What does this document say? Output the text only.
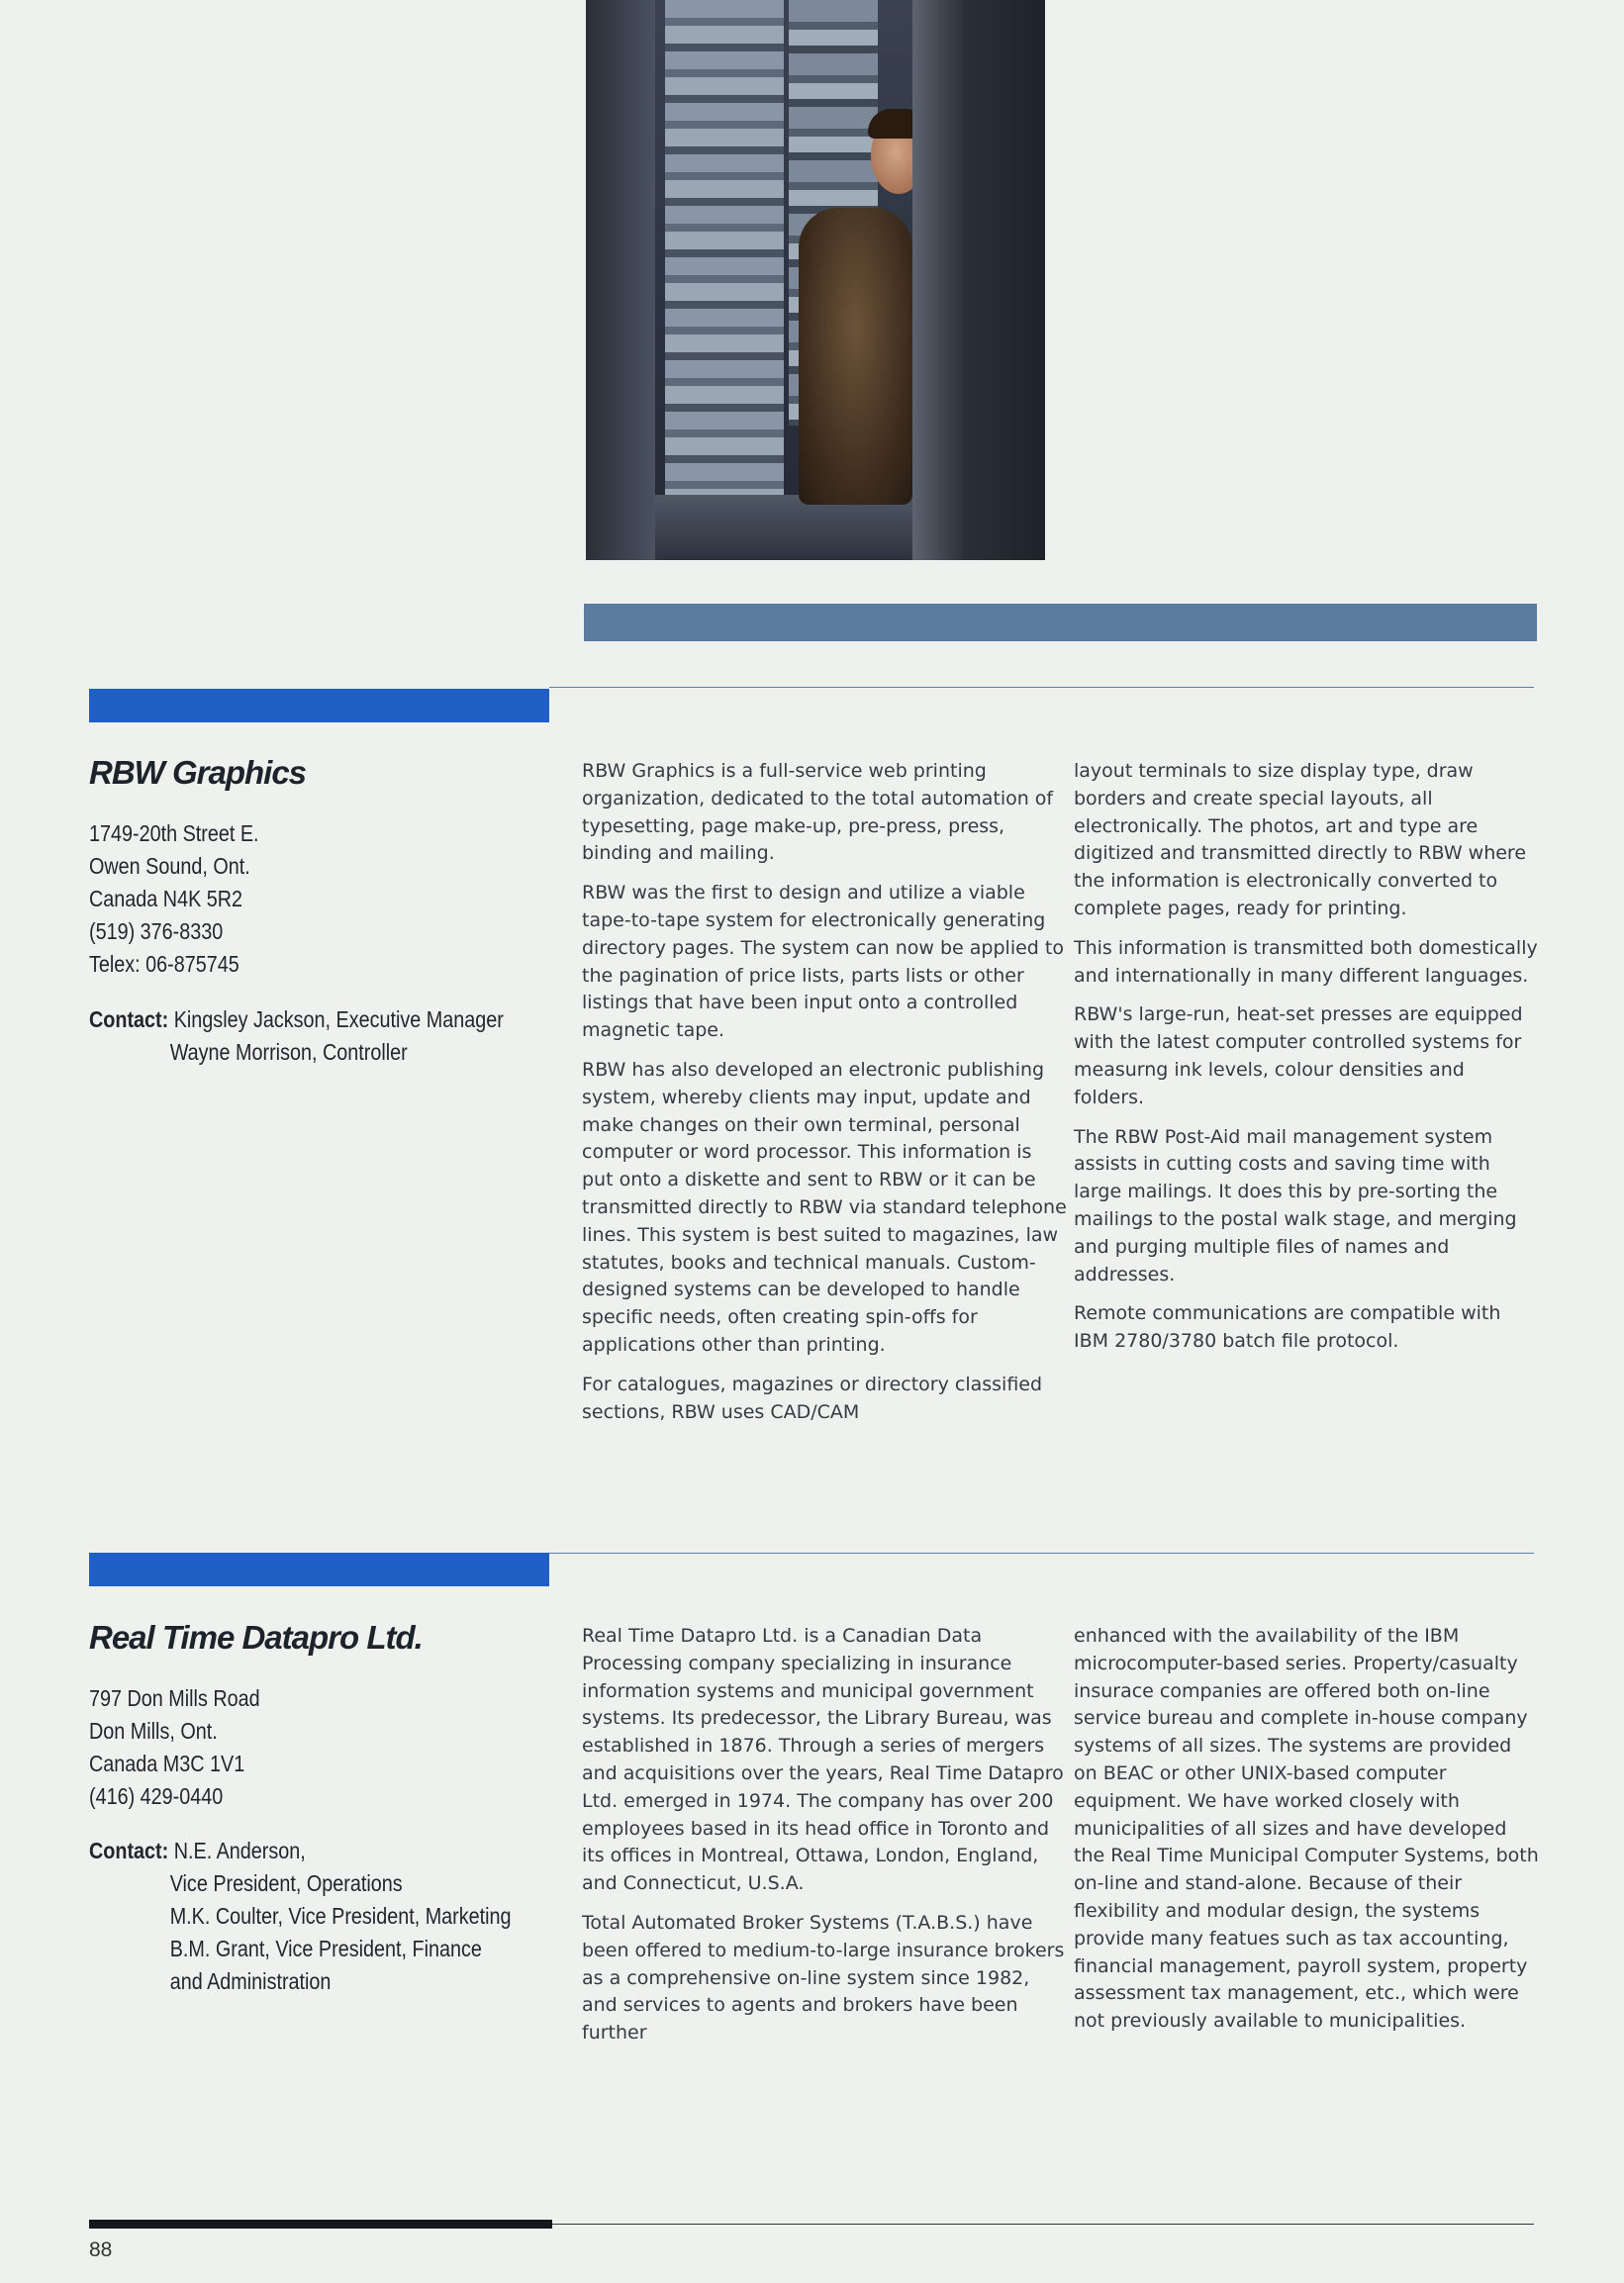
RBW Graphics
1749-20th Street E.
Owen Sound, Ont.
Canada N4K 5R2
(519) 376-8330
Telex: 06-875745
Contact: Kingsley Jackson, Executive Manager
Wayne Morrison, Controller

RBW Graphics is a full-service web printing organization, dedicated to the total automation of typesetting, page make-up, pre-press, press, binding and mailing.

RBW was the first to design and utilize a viable tape-to-tape system for electronically generating directory pages. The system can now be applied to the pagination of price lists, parts lists or other listings that have been input onto a controlled magnetic tape.

RBW has also developed an electronic publishing system, whereby clients may input, update and make changes on their own terminal, personal computer or word processor. This information is put onto a diskette and sent to RBW or it can be transmitted directly to RBW via standard telephone lines. This system is best suited to magazines, law statutes, books and technical manuals. Custom-designed systems can be developed to handle specific needs, often creating spin-offs for applications other than printing.

For catalogues, magazines or directory classified sections, RBW uses CAD/CAM

layout terminals to size display type, draw borders and create special layouts, all electronically. The photos, art and type are digitized and transmitted directly to RBW where the information is electronically converted to complete pages, ready for printing.

This information is transmitted both domestically and internationally in many different languages.

RBW's large-run, heat-set presses are equipped with the latest computer controlled systems for measurng ink levels, colour densities and folders.

The RBW Post-Aid mail management system assists in cutting costs and saving time with large mailings. It does this by pre-sorting the mailings to the postal walk stage, and merging and purging multiple files of names and addresses.

Remote communications are compatible with IBM 2780/3780 batch file protocol.

Real Time Datapro Ltd.
797 Don Mills Road
Don Mills, Ont.
Canada M3C 1V1
(416) 429-0440
Contact: N.E. Anderson,
Vice President, Operations
M.K. Coulter, Vice President, Marketing
B.M. Grant, Vice President, Finance
and Administration

Real Time Datapro Ltd. is a Canadian Data Processing company specializing in insurance information systems and municipal government systems. Its predecessor, the Library Bureau, was established in 1876. Through a series of mergers and acquisitions over the years, Real Time Datapro Ltd. emerged in 1974. The company has over 200 employees based in its head office in Toronto and its offices in Montreal, Ottawa, London, England, and Connecticut, U.S.A.

Total Automated Broker Systems (T.A.B.S.) have been offered to medium-to-large insurance brokers as a comprehensive on-line system since 1982, and services to agents and brokers have been further

enhanced with the availability of the IBM microcomputer-based series. Property/casualty insurace companies are offered both on-line service bureau and complete in-house company systems of all sizes. The systems are provided on BEAC or other UNIX-based computer equipment. We have worked closely with municipalities of all sizes and have developed the Real Time Municipal Computer Systems, both on-line and stand-alone. Because of their flexibility and modular design, the systems provide many featues such as tax accounting, financial management, payroll system, property assessment tax management, etc., which were not previously available to municipalities.

88
